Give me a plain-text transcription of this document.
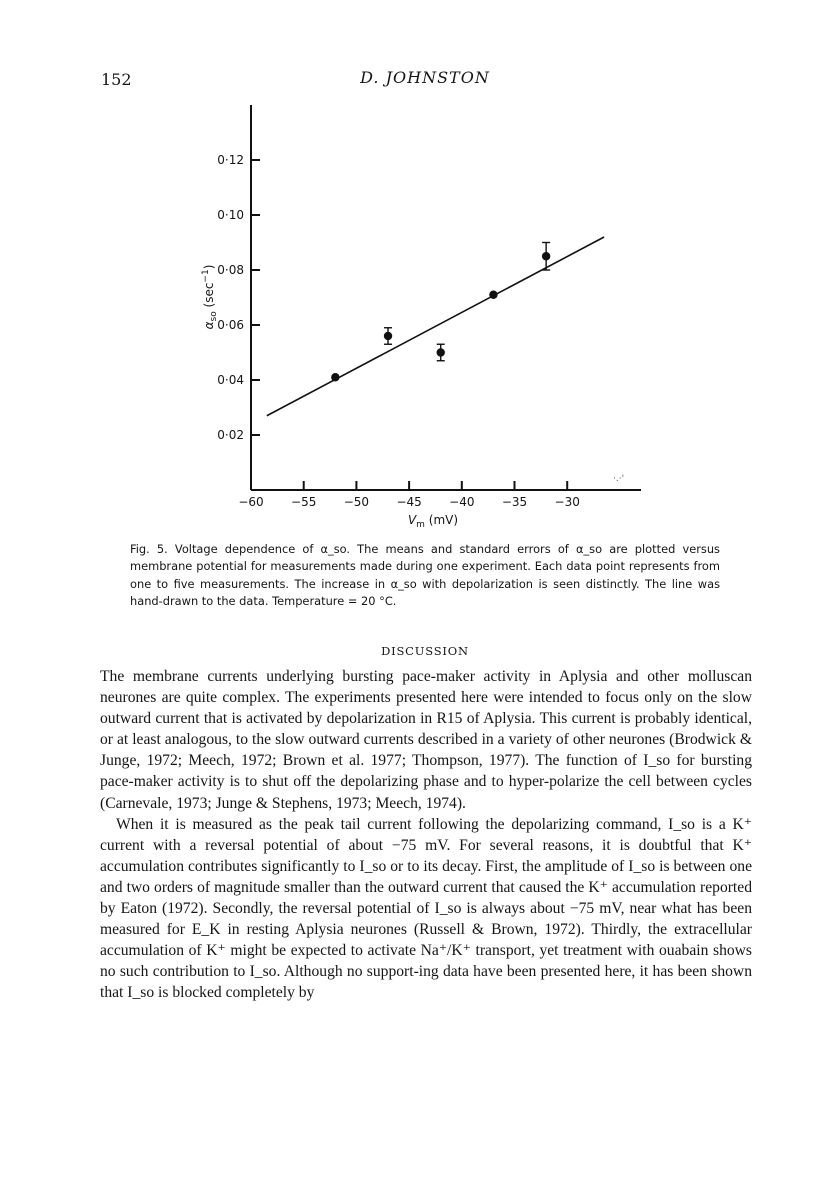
152	D. JOHNSTON
−60 −55 −50 −45 −40 −35 −30
0·02
0·04
0·06
0·08
0·10
0·12
$V_m$ (mV)
$\alpha_{so}$ $(\sec^{-1})$
·.·'
Fig. 5. Voltage dependence of α_so. The means and standard errors of α_so are plotted versus membrane potential for measurements made during one experiment. Each data point represents from one to five measurements. The increase in α_so with depolarization is seen distinctly. The line was hand-drawn to the data. Temperature = 20 °C.
DISCUSSION

The membrane currents underlying bursting pace-maker activity in Aplysia and other molluscan neurones are quite complex. The experiments presented here were intended to focus only on the slow outward current that is activated by depolarization in R15 of Aplysia. This current is probably identical, or at least analogous, to the slow outward currents described in a variety of other neurones (Brodwick & Junge, 1972; Meech, 1972; Brown et al. 1977; Thompson, 1977). The function of I_so for bursting pace-maker activity is to shut off the depolarizing phase and to hyper-polarize the cell between cycles (Carnevale, 1973; Junge & Stephens, 1973; Meech, 1974).

When it is measured as the peak tail current following the depolarizing command, I_so is a K⁺ current with a reversal potential of about −75 mV. For several reasons, it is doubtful that K⁺ accumulation contributes significantly to I_so or to its decay. First, the amplitude of I_so is between one and two orders of magnitude smaller than the outward current that caused the K⁺ accumulation reported by Eaton (1972). Secondly, the reversal potential of I_so is always about −75 mV, near what has been measured for E_K in resting Aplysia neurones (Russell & Brown, 1972). Thirdly, the extracellular accumulation of K⁺ might be expected to activate Na⁺/K⁺ transport, yet treatment with ouabain shows no such contribution to I_so. Although no support-ing data have been presented here, it has been shown that I_so is blocked completely by
